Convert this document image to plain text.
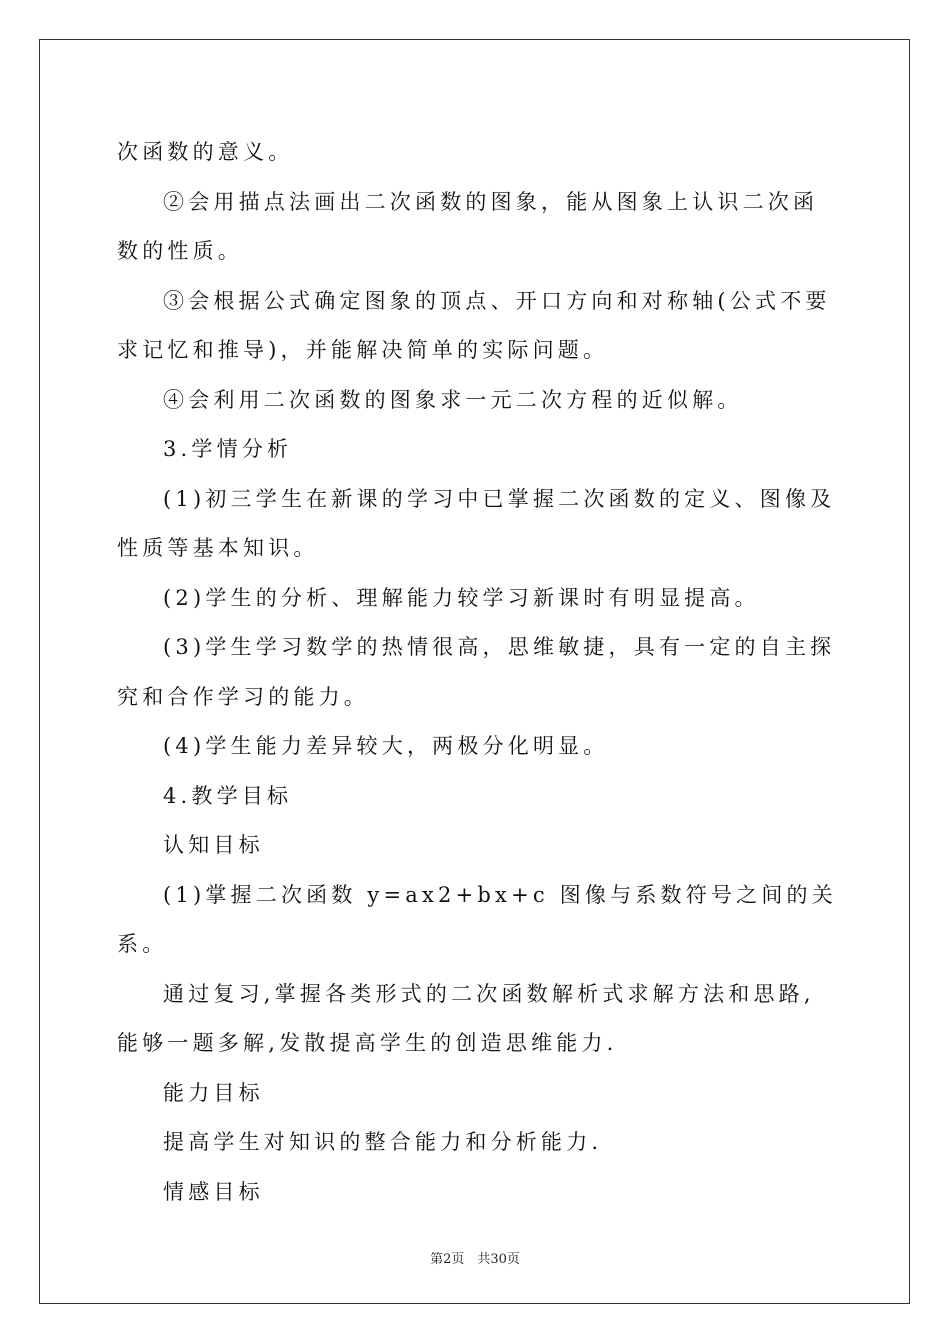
次函数的意义。

②会用描点法画出二次函数的图象，能从图象上认识二次函数的性质。

③会根据公式确定图象的顶点、开口方向和对称轴(公式不要求记忆和推导)，并能解决简单的实际问题。

④会利用二次函数的图象求一元二次方程的近似解。

3.学情分析

(1)初三学生在新课的学习中已掌握二次函数的定义、图像及性质等基本知识。

(2)学生的分析、理解能力较学习新课时有明显提高。

(3)学生学习数学的热情很高，思维敏捷，具有一定的自主探究和合作学习的能力。

(4)学生能力差异较大，两极分化明显。

4.教学目标

认知目标

(1)掌握二次函数 y=ax2+bx+c 图像与系数符号之间的关系。

通过复习,掌握各类形式的二次函数解析式求解方法和思路,能够一题多解,发散提高学生的创造思维能力.

能力目标

提高学生对知识的整合能力和分析能力.

情感目标

第2页　共30页
